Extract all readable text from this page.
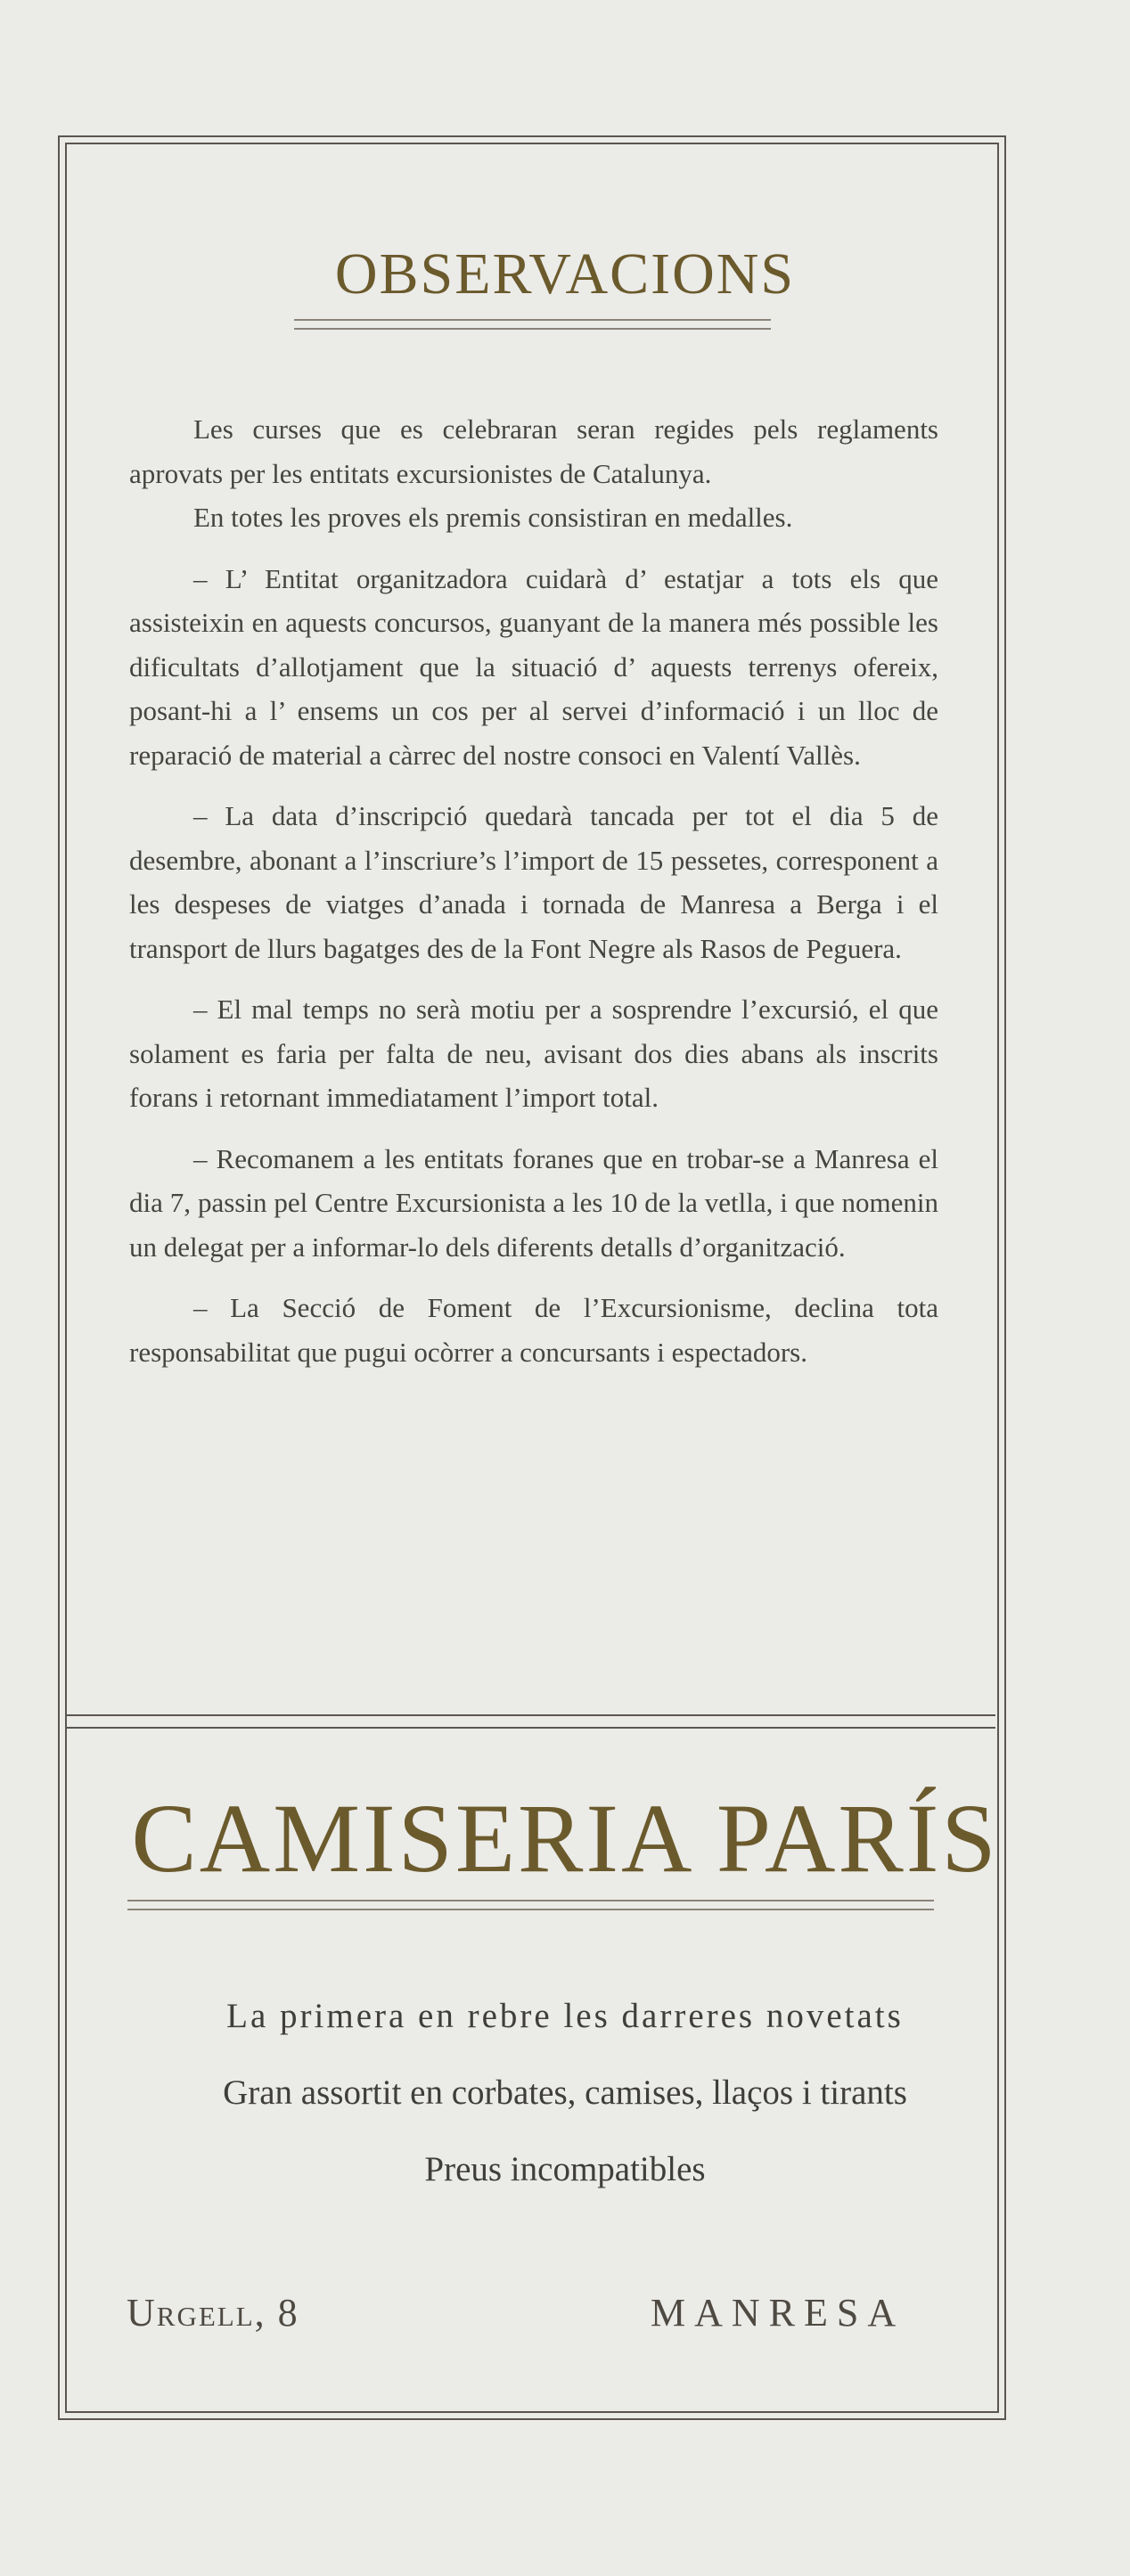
OBSERVACIONS

Les curses que es celebraran seran regides pels reglaments aprovats per les entitats excursionistes de Catalunya.

En totes les proves els premis consistiran en medalles.

– L’ Entitat organitzadora cuidarà d’ estatjar a tots els que assisteixin en aquests concursos, guanyant de la manera més possible les dificultats d’allotjament que la situació d’ aquests terrenys ofereix, posant-hi a l’ ensems un cos per al servei d’informació i un lloc de reparació de material a càrrec del nostre consoci en Valentí Vallès.

– La data d’inscripció quedarà tancada per tot el dia 5 de desembre, abonant a l’inscriure’s l’import de 15 pessetes, corresponent a les despeses de viatges d’anada i tornada de Manresa a Berga i el transport de llurs bagatges des de la Font Negre als Rasos de Peguera.

– El mal temps no serà motiu per a sosprendre l’excursió, el que solament es faria per falta de neu, avisant dos dies abans als inscrits forans i retornant immediatament l’import total.

– Recomanem a les entitats foranes que en trobar-se a Manresa el dia 7, passin pel Centre Excursionista a les 10 de la vetlla, i que nomenin un delegat per a informar-lo dels diferents detalls d’organització.

– La Secció de Foment de l’Excursionisme, declina tota responsabilitat que pugui ocòrrer a concursants i espectadors.

CAMISERIA PARÍS

La primera en rebre les darreres novetats

Gran assortit en corbates, camises, llaços i tirants

Preus incompatibles

Urgell, 8	MANRESA
